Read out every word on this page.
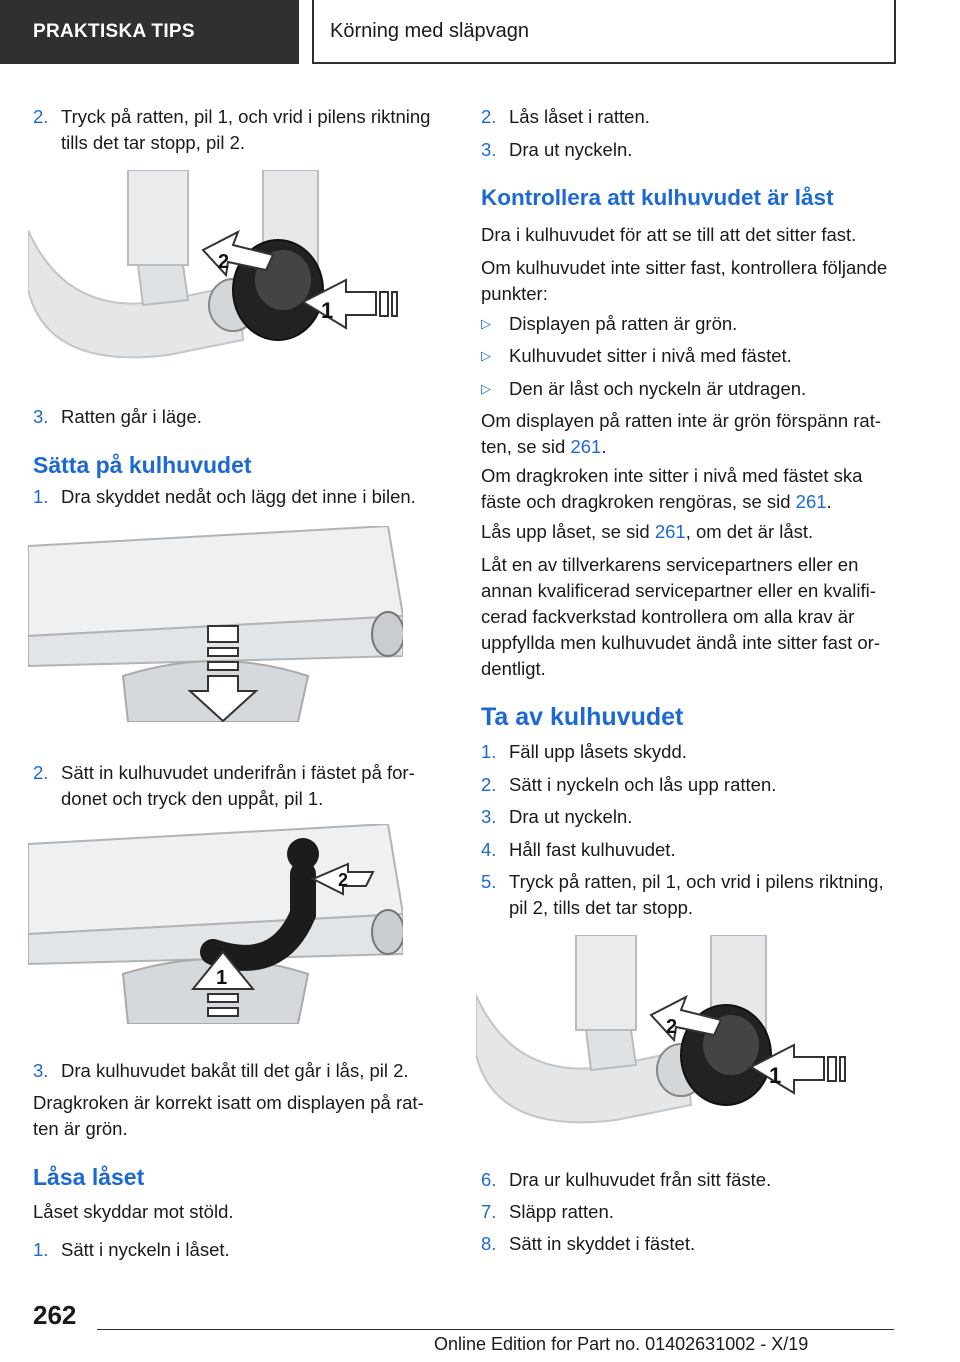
PRAKTISKA TIPS	Körning med släpvagn
2. Tryck på ratten, pil 1, och vrid i pilens riktning tills det tar stopp, pil 2.
2
1
3. Ratten går i läge.
Sätta på kulhuvudet
1. Dra skyddet nedåt och lägg det inne i bilen.
2. Sätt in kulhuvudet underifrån i fästet på fordonet och tryck den uppåt, pil 1.
2
1
3. Dra kulhuvudet bakåt till det går i lås, pil 2.
Dragkroken är korrekt isatt om displayen på ratten är grön.
Låsa låset
Låset skyddar mot stöld.
1. Sätt i nyckeln i låset.
2. Lås låset i ratten.
3. Dra ut nyckeln.
Kontrollera att kulhuvudet är låst
Dra i kulhuvudet för att se till att det sitter fast.
Om kulhuvudet inte sitter fast, kontrollera följande punkter:
▷ Displayen på ratten är grön.
▷ Kulhuvudet sitter i nivå med fästet.
▷ Den är låst och nyckeln är utdragen.
Om displayen på ratten inte är grön förspänn ratten, se sid 261.
Om dragkroken inte sitter i nivå med fästet ska fäste och dragkroken rengöras, se sid 261.
Lås upp låset, se sid 261, om det är låst.
Låt en av tillverkarens servicepartners eller en annan kvalificerad servicepartner eller en kvalificerad fackverkstad kontrollera om alla krav är uppfyllda men kulhuvudet ändå inte sitter fast ordentligt.
Ta av kulhuvudet
1. Fäll upp låsets skydd.
2. Sätt i nyckeln och lås upp ratten.
3. Dra ut nyckeln.
4. Håll fast kulhuvudet.
5. Tryck på ratten, pil 1, och vrid i pilens riktning, pil 2, tills det tar stopp.
2
1
6. Dra ur kulhuvudet från sitt fäste.
7. Släpp ratten.
8. Sätt in skyddet i fästet.
262
Online Edition for Part no. 01402631002 - X/19
